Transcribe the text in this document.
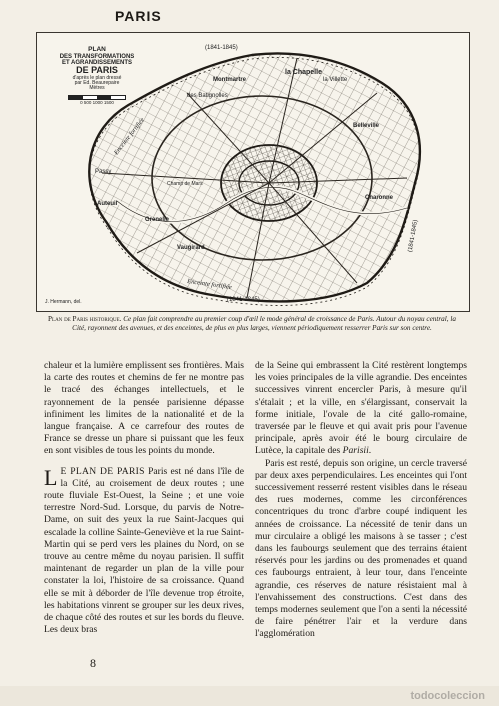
PARIS
PLAN
DES TRANSFORMATIONS
ET AGRANDISSEMENTS
DE PARIS
d'après le plan dressé
par Ed. Beaurepaire
Mètres
0 500 1000 1500
(1841-1845)
Montmartre
la Chapelle
la Villette
des Batignolles
Belleville
Passy
Charonne
Auteuil
Grenelle
Vaugirard
Champ de Mars
Enceinte fortifiée
Enceinte fortifiée
(1841-1845)
(1841-1845)
J. Hermann, del.
Plan de Paris historique. Ce plan fait comprendre au premier coup d'œil le mode général de croissance de Paris. Autour du noyau central, la Cité, rayonnent des avenues, et des enceintes, de plus en plus larges, viennent périodiquement resserrer Paris sur son centre.

chaleur et la lumière emplissent ses frontières. Mais la carte des routes et chemins de fer ne montre pas le tracé des échanges intellectuels, et le rayonnement de la pensée parisienne dépasse infiniment les limites de la nationalité et de la langue française. A ce carrefour des routes de France se dresse un phare si puissant que les feux en sont visibles de tous les points du monde.

L E PLAN DE PARIS Paris est né dans l'île de la Cité, au croisement de deux routes ; une route fluviale Est-Ouest, la Seine ; et une voie terrestre Nord-Sud. Lorsque, du parvis de Notre-Dame, on suit des yeux la rue Saint-Jacques qui escalade la colline Sainte-Geneviève et la rue Saint-Martin qui se perd vers les plaines du Nord, on se trouve au centre même du noyau parisien. Il suffit maintenant de regarder un plan de la ville pour constater la loi, l'histoire de sa croissance. Quand elle se mit à déborder de l'île devenue trop étroite, les habitations vinrent se grouper sur les deux rives, de chaque côté des routes et sur les bords du fleuve. Les deux bras

de la Seine qui embrassent la Cité restèrent longtemps les voies principales de la ville agrandie. Des enceintes successives vinrent encercler Paris, à mesure qu'il s'étalait ; et la ville, en s'élargissant, conservait la forme initiale, l'ovale de la cité gallo-romaine, traversée par le fleuve et qui avait pris pour l'avenue principale, après avoir été le bourg circulaire de Lutèce, la capitale des Parisii.

Paris est resté, depuis son origine, un cercle traversé par deux axes perpendiculaires. Les enceintes qui l'ont successivement resserré restent visibles dans le réseau des rues modernes, comme les circonférences concentriques du tronc d'arbre coupé indiquent les années de croissance. La nécessité de tenir dans un mur circulaire a obligé les maisons à se tasser ; c'est dans les faubourgs seulement que des terrains étaient réservés pour les jardins ou des promenades et quand ces faubourgs entraient, à leur tour, dans l'enceinte agrandie, ces réserves de nature résistaient mal à l'envahissement des constructions. C'est dans des temps modernes seulement que l'on a senti la nécessité de faire pénétrer l'air et la verdure dans l'agglomération

8
todocoleccion
